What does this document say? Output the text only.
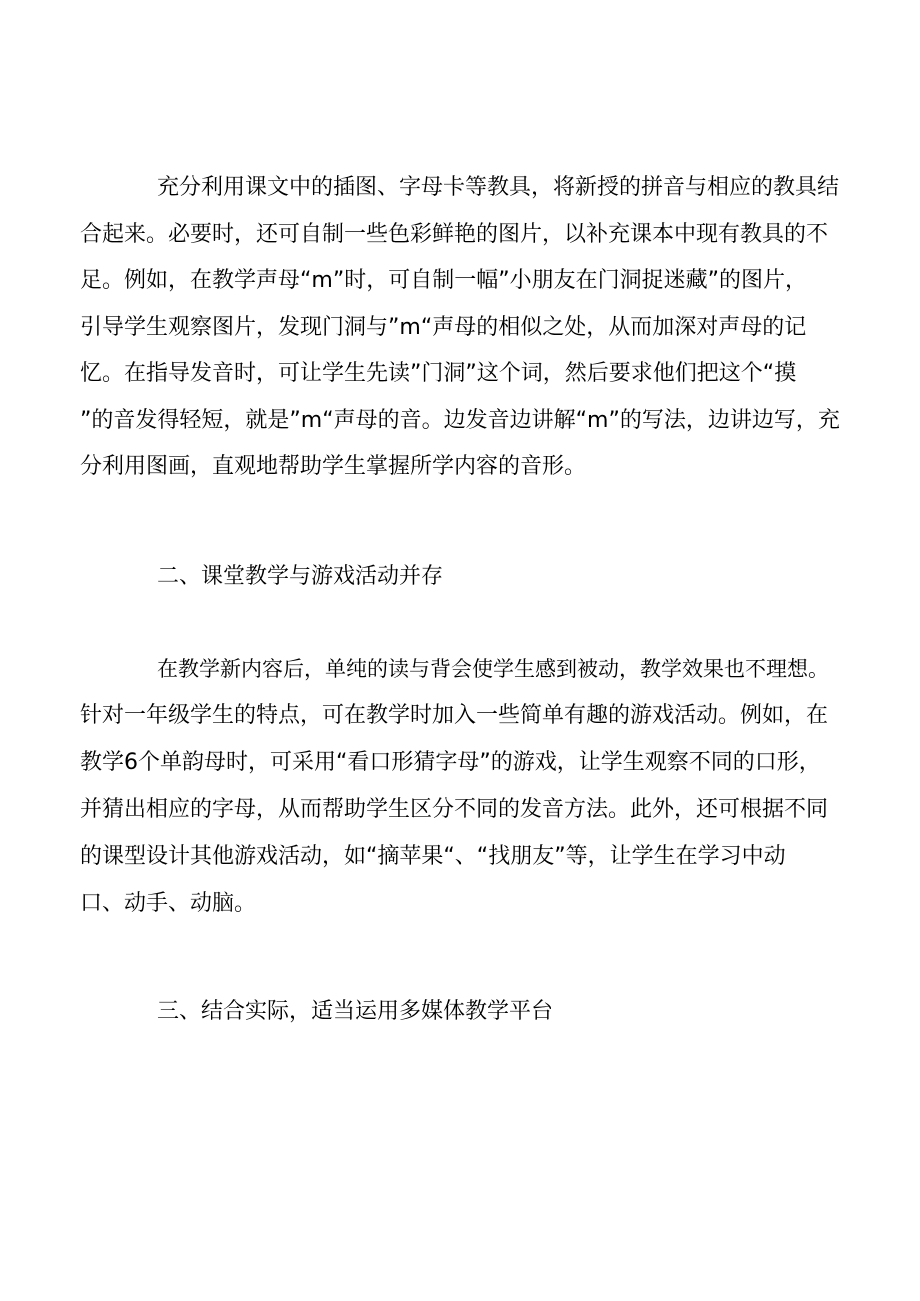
充分利用课文中的插图、字母卡等教具，将新授的拼音与相应的教具结

合起来。必要时，还可自制一些色彩鲜艳的图片，以补充课本中现有教具的不

足。例如，在教学声母“m”时，可自制一幅”小朋友在门洞捉迷藏”的图片，

引导学生观察图片，发现门洞与”m“声母的相似之处，从而加深对声母的记

忆。在指导发音时，可让学生先读”门洞”这个词，然后要求他们把这个“摸

”的音发得轻短，就是”m“声母的音。边发音边讲解“m”的写法，边讲边写，充

分利用图画，直观地帮助学生掌握所学内容的音形。

二、课堂教学与游戏活动并存

在教学新内容后，单纯的读与背会使学生感到被动，教学效果也不理想。

针对一年级学生的特点，可在教学时加入一些简单有趣的游戏活动。例如，在

教学6个单韵母时，可采用“看口形猜字母”的游戏，让学生观察不同的口形，

并猜出相应的字母，从而帮助学生区分不同的发音方法。此外，还可根据不同

的课型设计其他游戏活动，如“摘苹果“、“找朋友”等，让学生在学习中动

口、动手、动脑。

三、结合实际，适当运用多媒体教学平台
